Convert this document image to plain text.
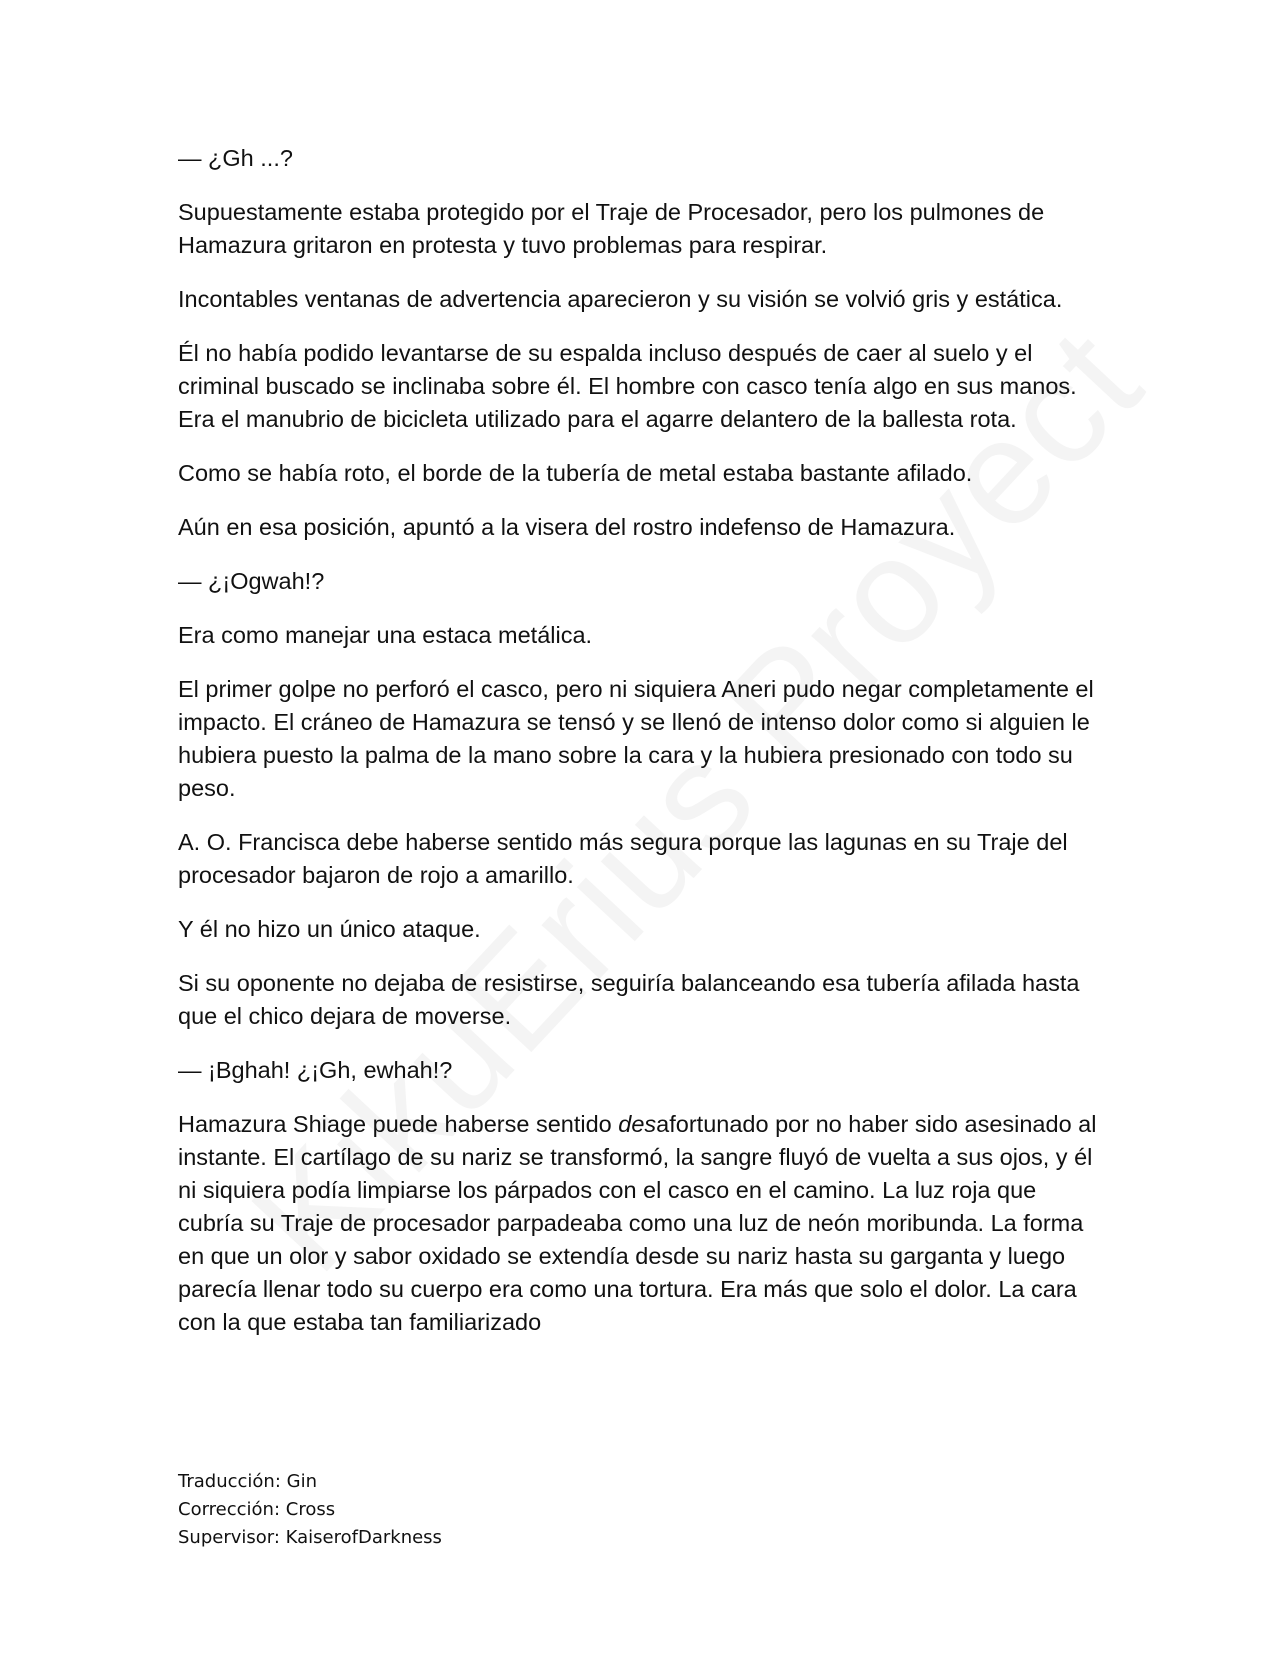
— ¿Gh ...?

Supuestamente estaba protegido por el Traje de Procesador, pero los pulmones de Hamazura gritaron en protesta y tuvo problemas para respirar.

Incontables ventanas de advertencia aparecieron y su visión se volvió gris y estática.

Él no había podido levantarse de su espalda incluso después de caer al suelo y el criminal buscado se inclinaba sobre él. El hombre con casco tenía algo en sus manos. Era el manubrio de bicicleta utilizado para el agarre delantero de la ballesta rota.

Como se había roto, el borde de la tubería de metal estaba bastante afilado.

Aún en esa posición, apuntó a la visera del rostro indefenso de Hamazura.

— ¿¡Ogwah!?

Era como manejar una estaca metálica.

El primer golpe no perforó el casco, pero ni siquiera Aneri pudo negar completamente el impacto. El cráneo de Hamazura se tensó y se llenó de intenso dolor como si alguien le hubiera puesto la palma de la mano sobre la cara y la hubiera presionado con todo su peso.

A. O. Francisca debe haberse sentido más segura porque las lagunas en su Traje del procesador bajaron de rojo a amarillo.

Y él no hizo un único ataque.

Si su oponente no dejaba de resistirse, seguiría balanceando esa tubería afilada hasta que el chico dejara de moverse.

— ¡Bghah! ¿¡Gh, ewhah!?

Hamazura Shiage puede haberse sentido desafortunado por no haber sido asesinado al instante. El cartílago de su nariz se transformó, la sangre fluyó de vuelta a sus ojos, y él ni siquiera podía limpiarse los párpados con el casco en el camino. La luz roja que cubría su Traje de procesador parpadeaba como una luz de neón moribunda. La forma en que un olor y sabor oxidado se extendía desde su nariz hasta su garganta y luego parecía llenar todo su cuerpo era como una tortura. Era más que solo el dolor. La cara con la que estaba tan familiarizado

Traducción: Gin
Corrección: Cross
Supervisor: KaiserofDarkness
